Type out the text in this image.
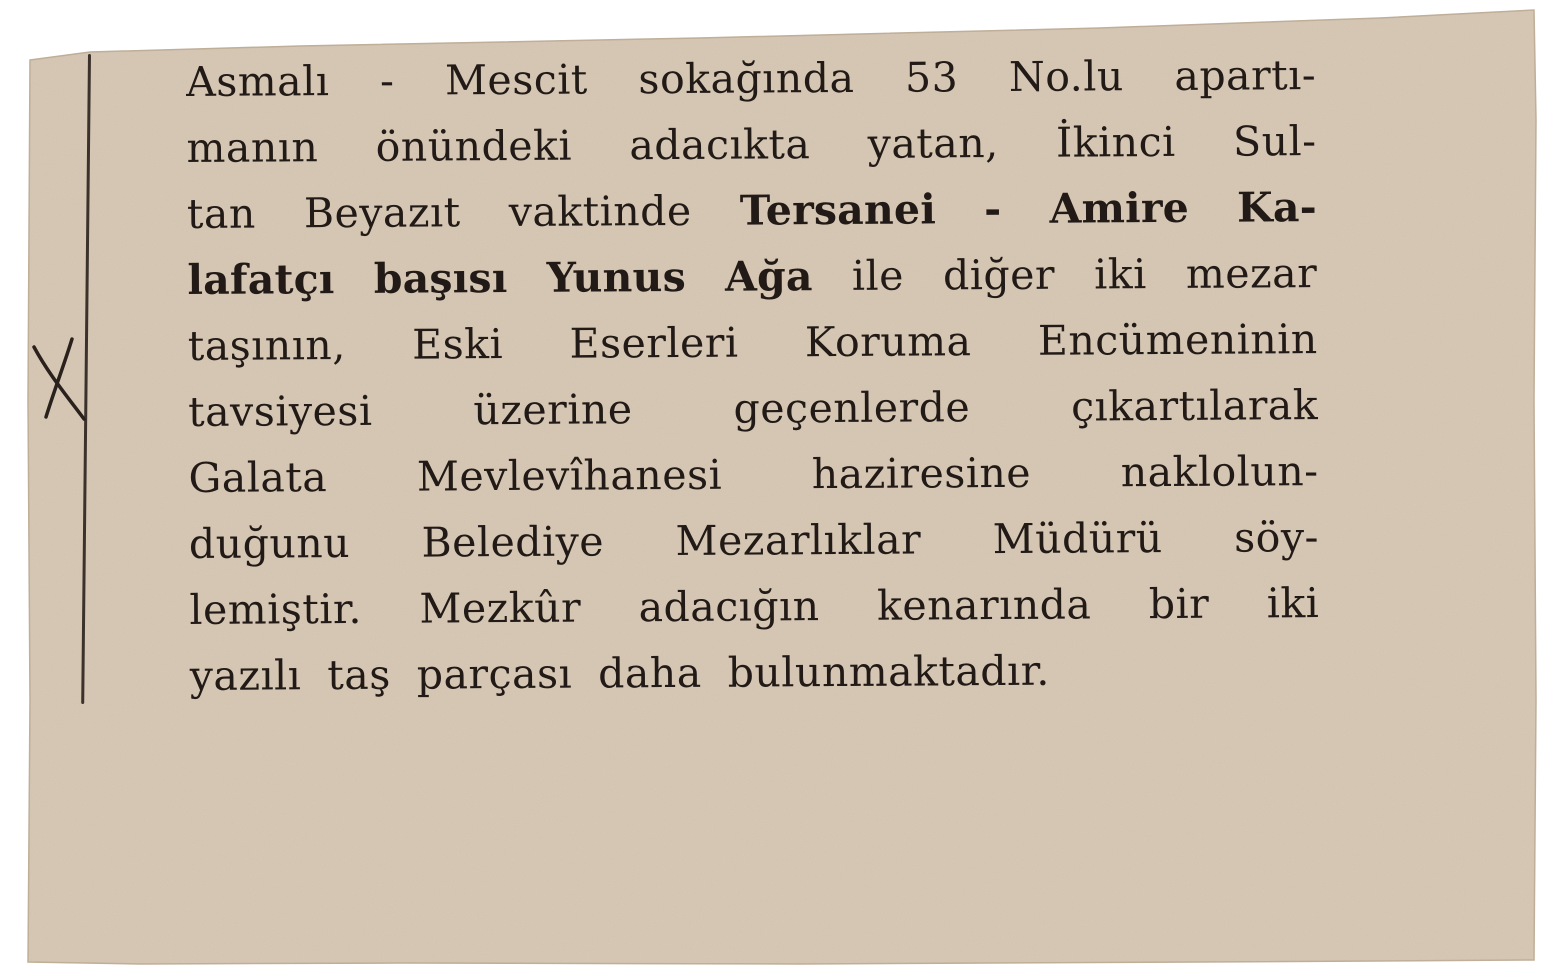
Asmalı - Mescit sokağında 53 No.lu apartı-
manın önündeki adacıkta yatan, İkinci Sul-
tan Beyazıt vaktinde Tersanei - Amire Ka-
lafatçı başısı Yunus Ağa ile diğer iki mezar
taşının, Eski Eserleri Koruma Encümeninin
tavsiyesi üzerine geçenlerde çıkartılarak
Galata Mevlevîhanesi haziresine naklolun-
duğunu Belediye Mezarlıklar Müdürü söy-
lemiştir. Mezkûr adacığın kenarında bir iki
yazılı taş parçası daha bulunmaktadır.
